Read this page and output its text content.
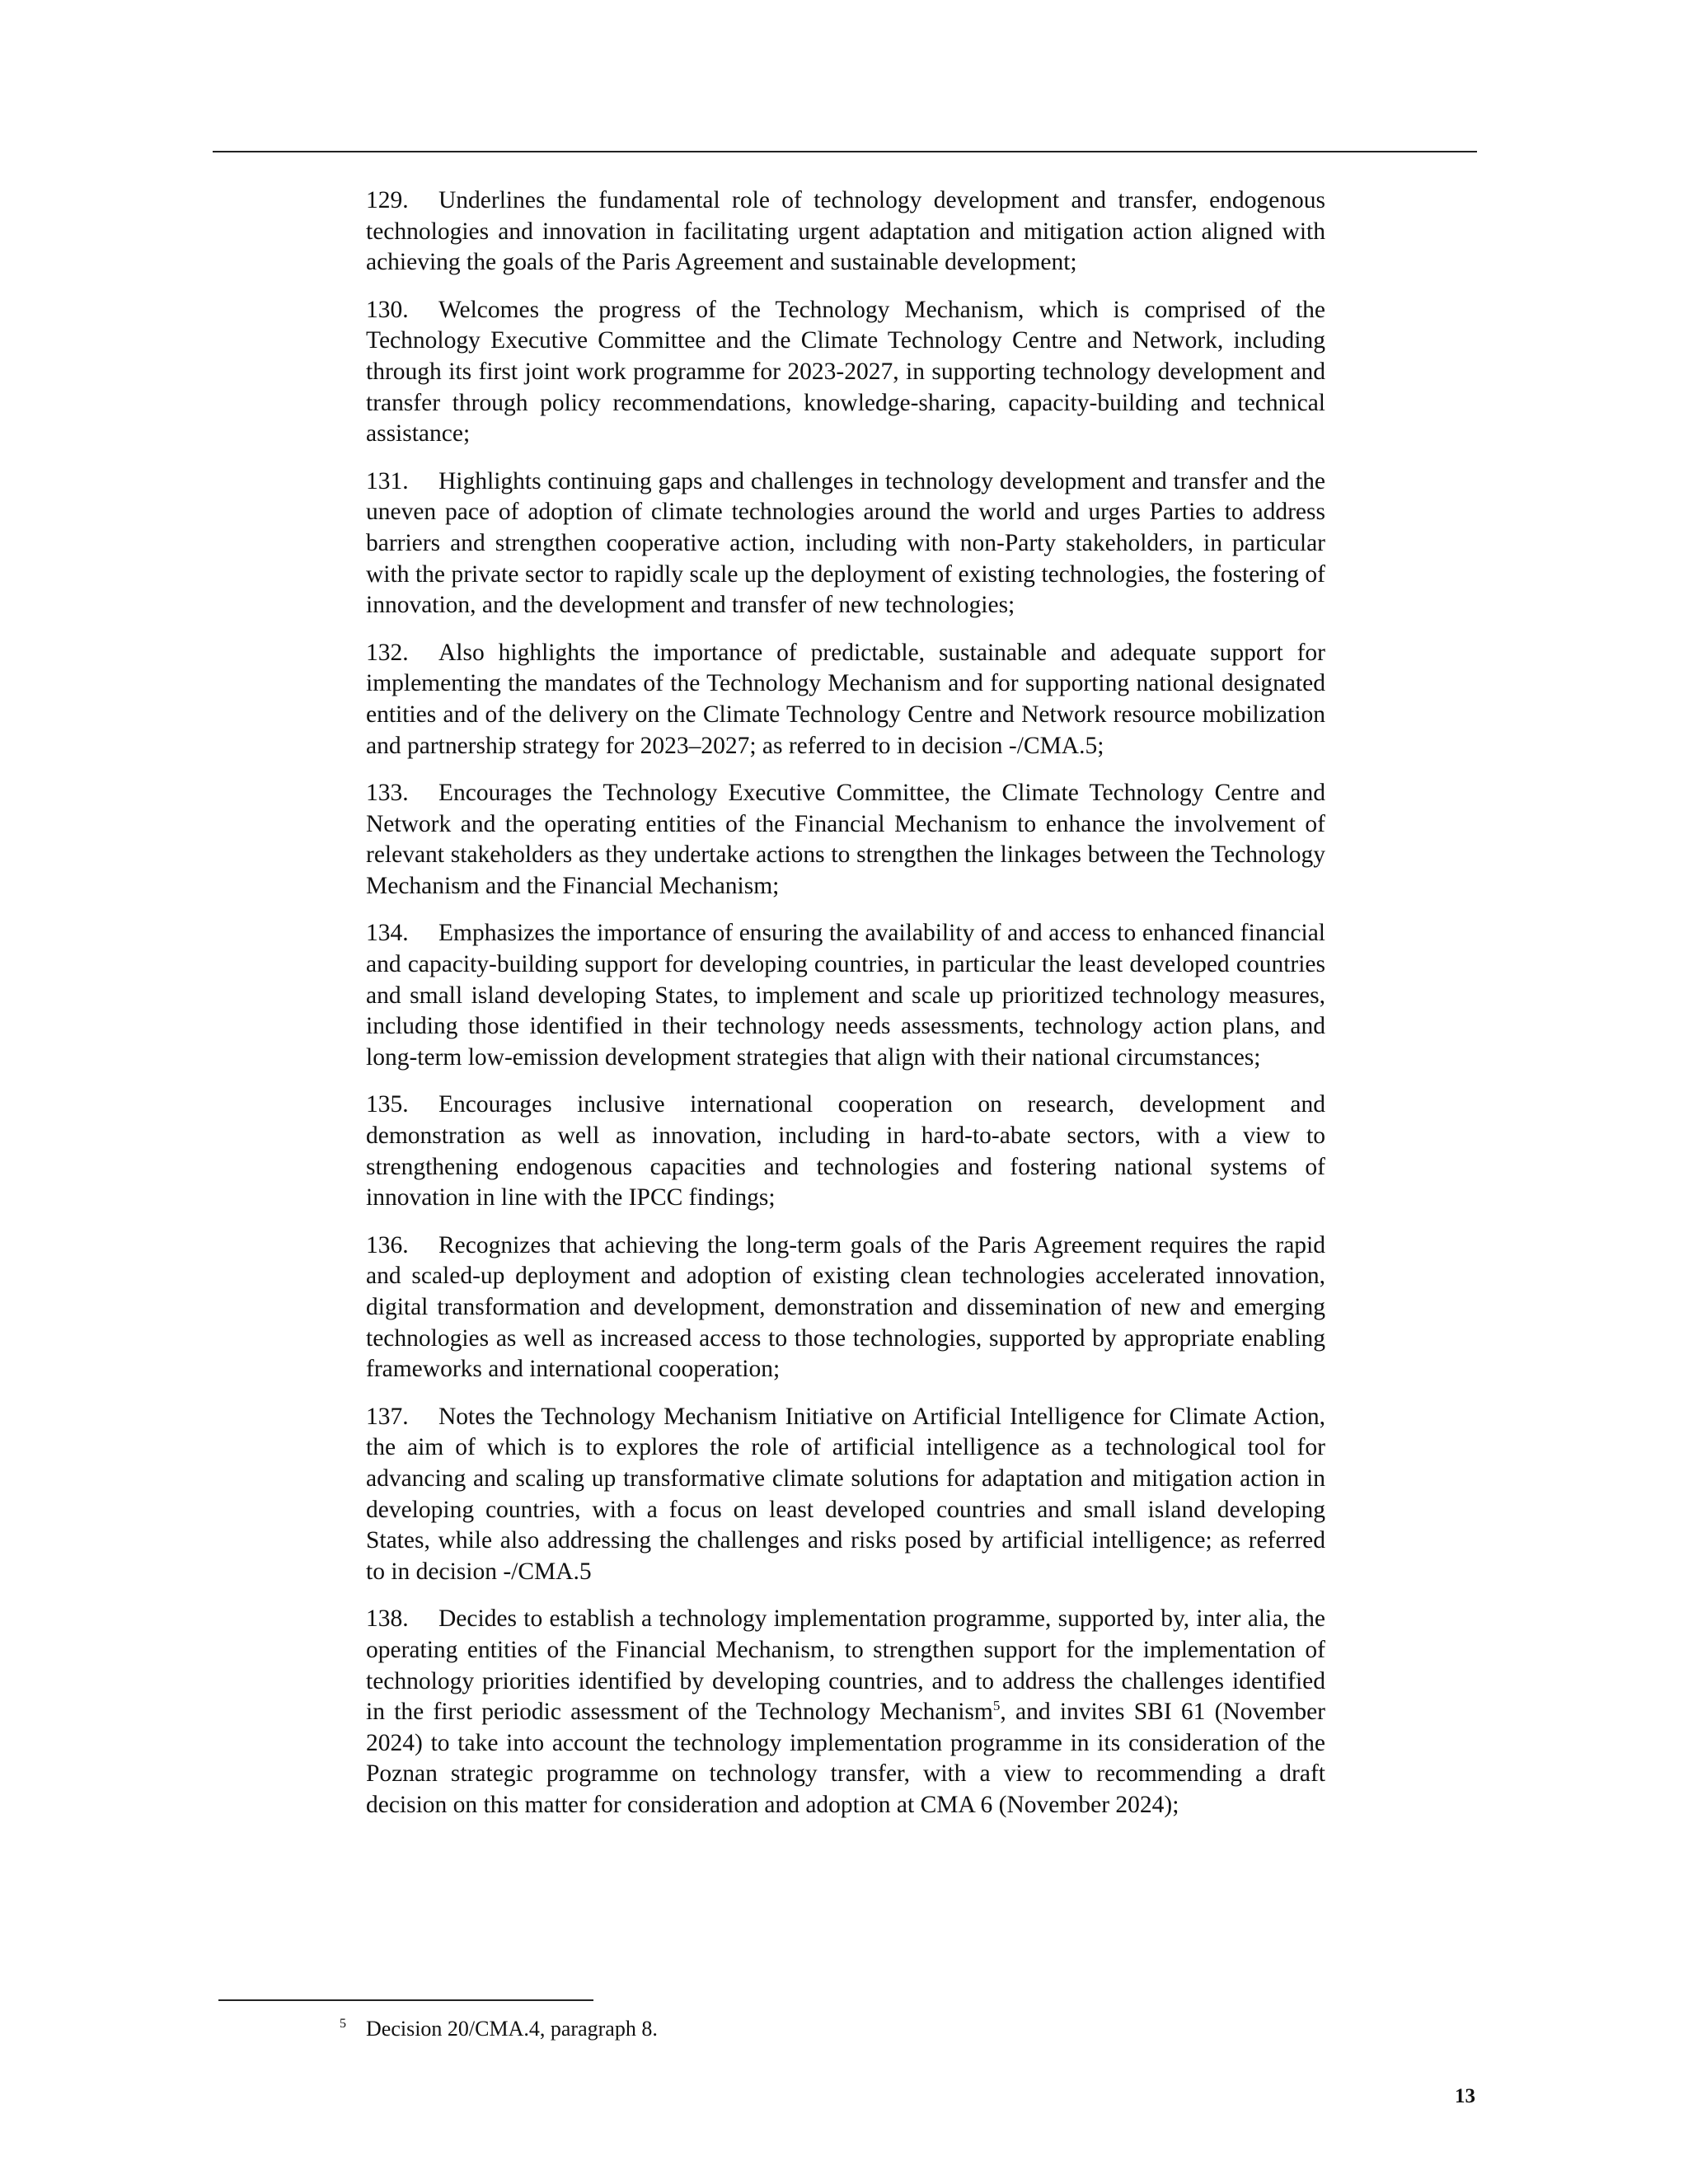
129. Underlines the fundamental role of technology development and transfer, endogenous technologies and innovation in facilitating urgent adaptation and mitigation action aligned with achieving the goals of the Paris Agreement and sustainable development;

130. Welcomes the progress of the Technology Mechanism, which is comprised of the Technology Executive Committee and the Climate Technology Centre and Network, including through its first joint work programme for 2023-2027, in supporting technology development and transfer through policy recommendations, knowledge-sharing, capacity-building and technical assistance;

131. Highlights continuing gaps and challenges in technology development and transfer and the uneven pace of adoption of climate technologies around the world and urges Parties to address barriers and strengthen cooperative action, including with non-Party stakeholders, in particular with the private sector to rapidly scale up the deployment of existing technologies, the fostering of innovation, and the development and transfer of new technologies;

132. Also highlights the importance of predictable, sustainable and adequate support for implementing the mandates of the Technology Mechanism and for supporting national designated entities and of the delivery on the Climate Technology Centre and Network resource mobilization and partnership strategy for 2023–2027; as referred to in decision -/CMA.5;

133. Encourages the Technology Executive Committee, the Climate Technology Centre and Network and the operating entities of the Financial Mechanism to enhance the involvement of relevant stakeholders as they undertake actions to strengthen the linkages between the Technology Mechanism and the Financial Mechanism;

134. Emphasizes the importance of ensuring the availability of and access to enhanced financial and capacity-building support for developing countries, in particular the least developed countries and small island developing States, to implement and scale up prioritized technology measures, including those identified in their technology needs assessments, technology action plans, and long-term low-emission development strategies that align with their national circumstances;

135. Encourages inclusive international cooperation on research, development and demonstration as well as innovation, including in hard-to-abate sectors, with a view to strengthening endogenous capacities and technologies and fostering national systems of innovation in line with the IPCC findings;

136. Recognizes that achieving the long-term goals of the Paris Agreement requires the rapid and scaled-up deployment and adoption of existing clean technologies accelerated innovation, digital transformation and development, demonstration and dissemination of new and emerging technologies as well as increased access to those technologies, supported by appropriate enabling frameworks and international cooperation;

137. Notes the Technology Mechanism Initiative on Artificial Intelligence for Climate Action, the aim of which is to explores the role of artificial intelligence as a technological tool for advancing and scaling up transformative climate solutions for adaptation and mitigation action in developing countries, with a focus on least developed countries and small island developing States, while also addressing the challenges and risks posed by artificial intelligence; as referred to in decision -/CMA.5

138. Decides to establish a technology implementation programme, supported by, inter alia, the operating entities of the Financial Mechanism, to strengthen support for the implementation of technology priorities identified by developing countries, and to address the challenges identified in the first periodic assessment of the Technology Mechanism$^5$, and invites SBI 61 (November 2024) to take into account the technology implementation programme in its consideration of the Poznan strategic programme on technology transfer, with a view to recommending a draft decision on this matter for consideration and adoption at CMA 6 (November 2024);

5 Decision 20/CMA.4, paragraph 8.
13
